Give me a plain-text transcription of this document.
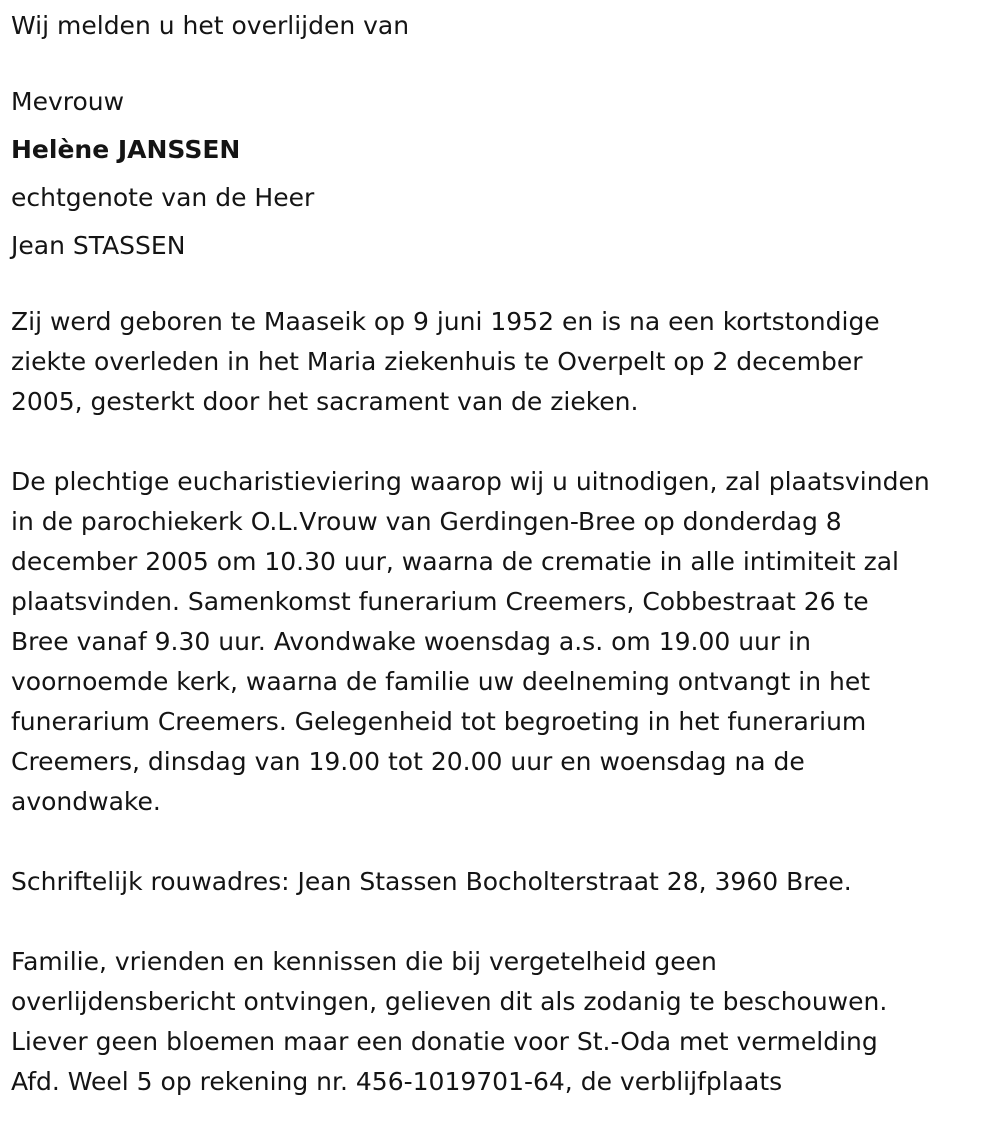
Wij melden u het overlijden van
Mevrouw
Helène JANSSEN
echtgenote van de Heer
Jean STASSEN
Zij werd geboren te Maaseik op 9 juni 1952 en is na een kortstondige
ziekte overleden in het Maria ziekenhuis te Overpelt op 2 december
2005, gesterkt door het sacrament van de zieken.
De plechtige eucharistieviering waarop wij u uitnodigen, zal plaatsvinden
in de parochiekerk O.L.Vrouw van Gerdingen-Bree op donderdag 8
december 2005 om 10.30 uur, waarna de crematie in alle intimiteit zal
plaatsvinden. Samenkomst funerarium Creemers, Cobbestraat 26 te
Bree vanaf 9.30 uur. Avondwake woensdag a.s. om 19.00 uur in
voornoemde kerk, waarna de familie uw deelneming ontvangt in het
funerarium Creemers. Gelegenheid tot begroeting in het funerarium
Creemers, dinsdag van 19.00 tot 20.00 uur en woensdag na de
avondwake.
Schriftelijk rouwadres: Jean Stassen Bocholterstraat 28, 3960 Bree.
Familie, vrienden en kennissen die bij vergetelheid geen
overlijdensbericht ontvingen, gelieven dit als zodanig te beschouwen.
Liever geen bloemen maar een donatie voor St.-Oda met vermelding
Afd. Weel 5 op rekening nr. 456-1019701-64, de verblijfplaats
